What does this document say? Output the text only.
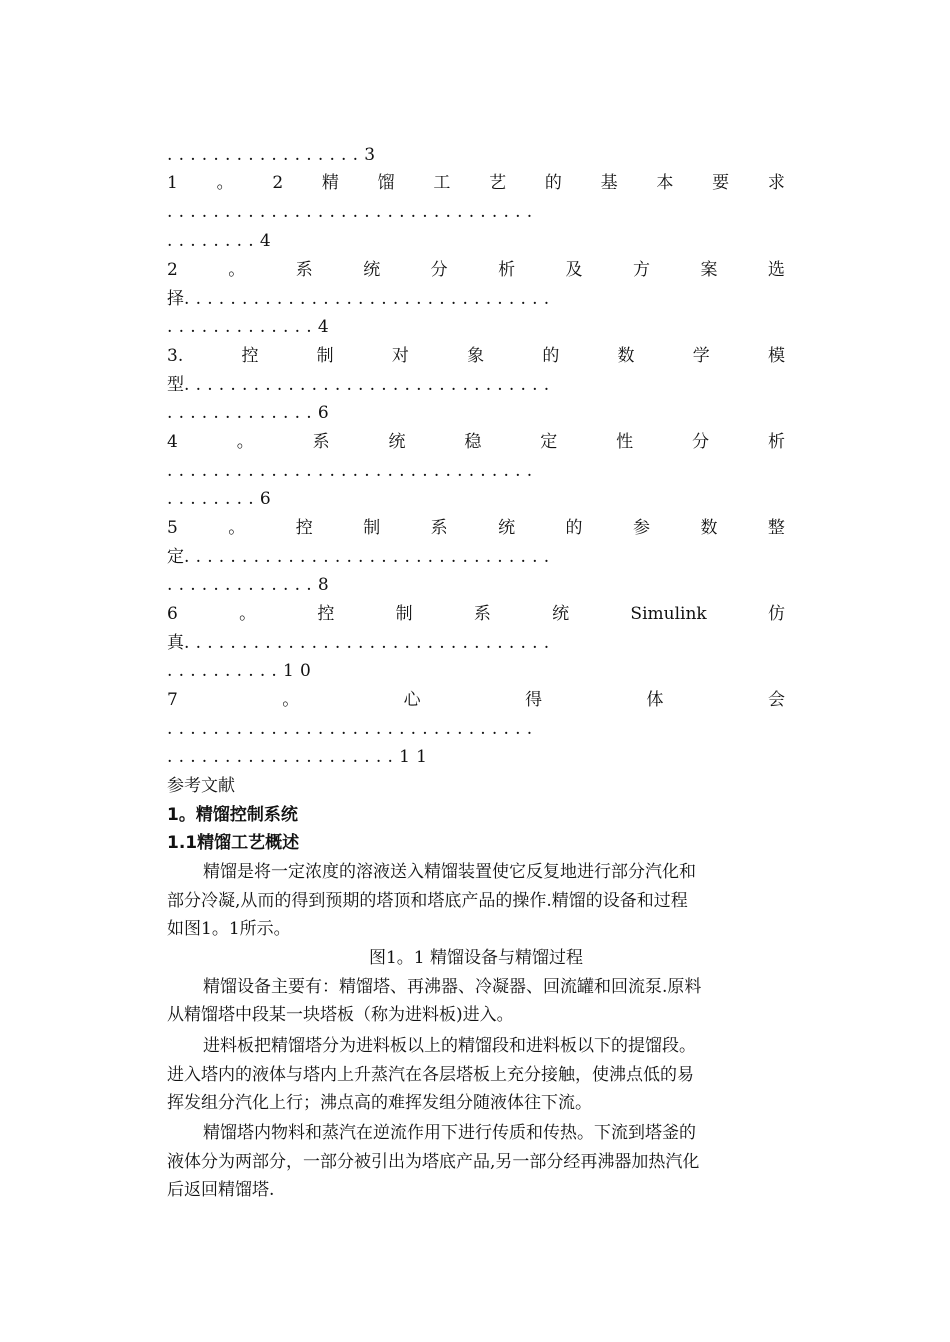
.................3
1 。 2 精 馏 工 艺 的 基 本 要 求
................................
........4
2	。	系	统	分	析	及	方	案	选
择................................
.............4
3.	控	制	对	象	的	数	学	模
型................................
.............6
4	。	系	统	稳	定	性	分	析
................................
........6
5	。	控	制	系	统	的	参	数	整
定................................
.............8
6	。	控	制	系	统	Simulink	仿
真................................
..........10
7	。	心	得	体	会
................................
....................11
参考文献
1。精馏控制系统
1.1精馏工艺概述
精馏是将一定浓度的溶液送入精馏装置使它反复地进行部分汽化和
部分冷凝,从而的得到预期的塔顶和塔底产品的操作.精馏的设备和过程
如图1。1所示。
图1。1 精馏设备与精馏过程
精馏设备主要有：精馏塔、再沸器、冷凝器、回流罐和回流泵.原料
从精馏塔中段某一块塔板（称为进料板)进入。
进料板把精馏塔分为进料板以上的精馏段和进料板以下的提馏段。
进入塔内的液体与塔内上升蒸汽在各层塔板上充分接触，使沸点低的易
挥发组分汽化上行；沸点高的难挥发组分随液体往下流。
精馏塔内物料和蒸汽在逆流作用下进行传质和传热。下流到塔釜的
液体分为两部分，一部分被引出为塔底产品,另一部分经再沸器加热汽化
后返回精馏塔.
